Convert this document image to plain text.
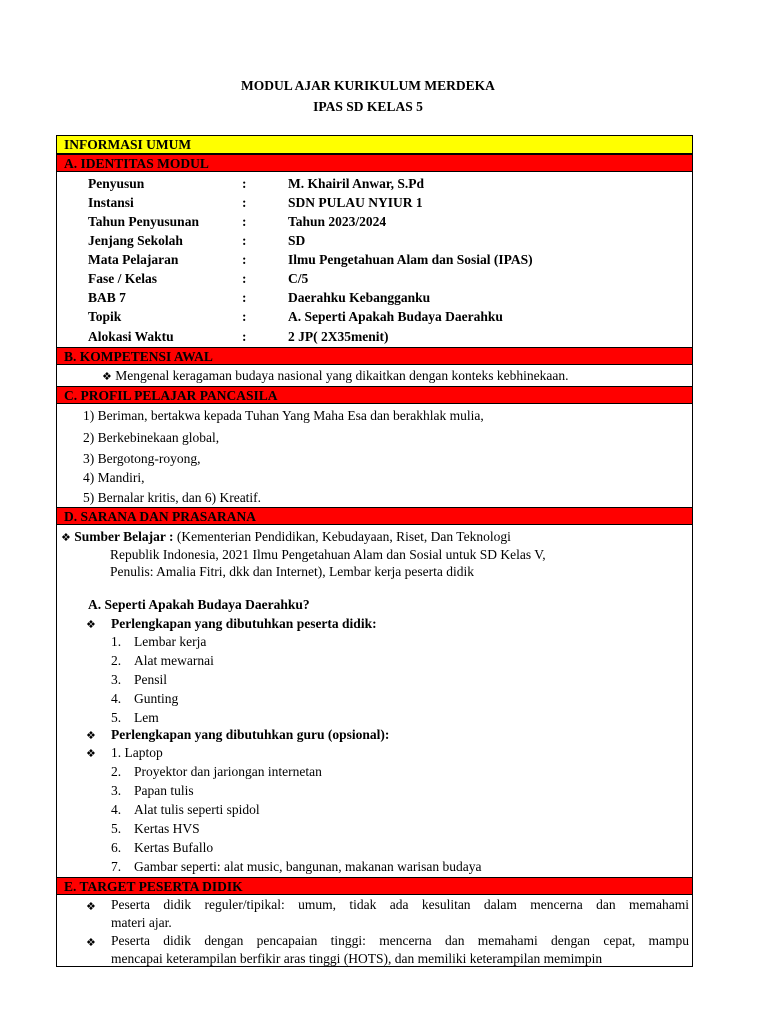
MODUL AJAR KURIKULUM MERDEKA
IPAS SD KELAS 5
INFORMASI UMUM
A. IDENTITAS MODUL
Penyusun	:	M. Khairil Anwar, S.Pd
Instansi	:	SDN PULAU NYIUR 1
Tahun Penyusunan	:	Tahun 2023/2024
Jenjang Sekolah	:	SD
Mata Pelajaran	:	Ilmu Pengetahuan Alam dan Sosial (IPAS)
Fase / Kelas	:	C/5
BAB 7	:	Daerahku Kebangganku
Topik	:	A. Seperti Apakah Budaya Daerahku
Alokasi Waktu	:	2 JP( 2X35menit)
B. KOMPETENSI AWAL
❖ Mengenal keragaman budaya nasional yang dikaitkan dengan konteks kebhinekaan.
C. PROFIL PELAJAR PANCASILA
1) Beriman, bertakwa kepada Tuhan Yang Maha Esa dan berakhlak mulia,
2) Berkebinekaan global,
3) Bergotong-royong,
4) Mandiri,
5) Bernalar kritis, dan 6) Kreatif.
D. SARANA DAN PRASARANA
❖ Sumber Belajar : (Kementerian Pendidikan, Kebudayaan, Riset, Dan Teknologi
Republik Indonesia, 2021 Ilmu Pengetahuan Alam dan Sosial untuk SD Kelas V,
Penulis: Amalia Fitri, dkk dan Internet), Lembar kerja peserta didik
A. Seperti Apakah Budaya Daerahku?
❖ Perlengkapan yang dibutuhkan peserta didik:
1. Lembar kerja
2. Alat mewarnai
3. Pensil
4. Gunting
5. Lem
❖ Perlengkapan yang dibutuhkan guru (opsional):
❖ 1. Laptop
2. Proyektor dan jariongan internetan
3. Papan tulis
4. Alat tulis seperti spidol
5. Kertas HVS
6. Kertas Bufallo
7. Gambar seperti: alat music, bangunan, makanan warisan budaya
E. TARGET PESERTA DIDIK
❖ Peserta didik reguler/tipikal: umum, tidak ada kesulitan dalam mencerna dan memahami
materi ajar.
❖ Peserta didik dengan pencapaian tinggi: mencerna dan memahami dengan cepat, mampu
mencapai keterampilan berfikir aras tinggi (HOTS), dan memiliki keterampilan memimpin
